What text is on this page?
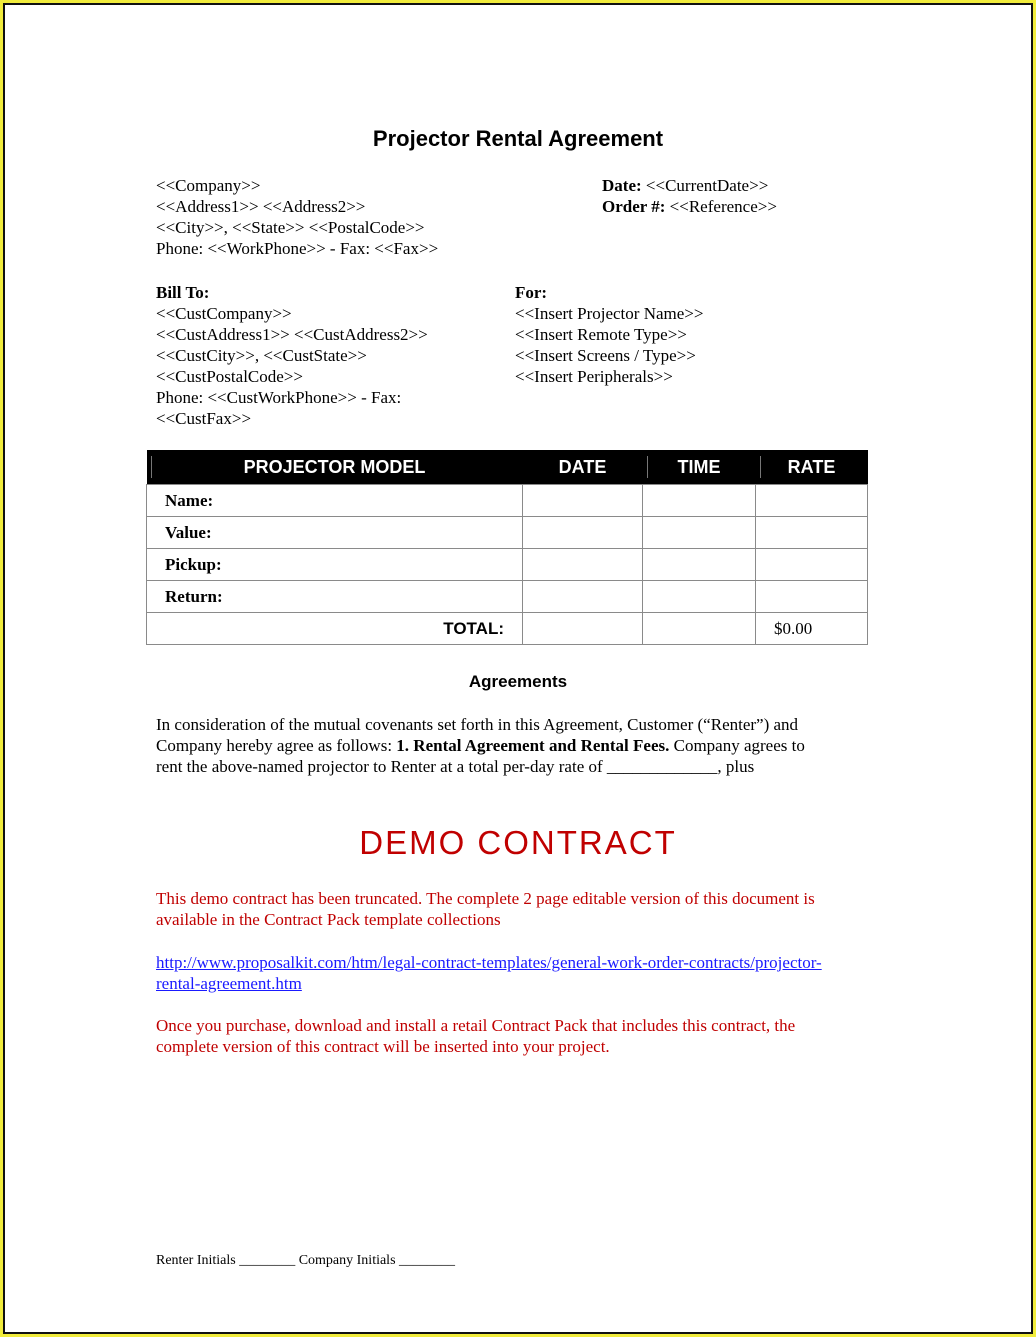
Projector Rental Agreement
<<Company>>
<<Address1>> <<Address2>>
<<City>>, <<State>> <<PostalCode>>
Phone: <<WorkPhone>> - Fax: <<Fax>>
Date: <<CurrentDate>>
Order #: <<Reference>>
Bill To:
<<CustCompany>>
<<CustAddress1>> <<CustAddress2>>
<<CustCity>>, <<CustState>>
<<CustPostalCode>>
Phone: <<CustWorkPhone>> - Fax:
<<CustFax>>
For:
<<Insert Projector Name>>
<<Insert Remote Type>>
<<Insert Screens / Type>>
<<Insert Peripherals>>
PROJECTOR MODEL	DATE	TIME	RATE
Name:			
Value:			
Pickup:			
Return:			
TOTAL:			$0.00
Agreements
In consideration of the mutual covenants set forth in this Agreement, Customer (“Renter”) and
Company hereby agree as follows: 1. Rental Agreement and Rental Fees. Company agrees to
rent the above-named projector to Renter at a total per-day rate of _____________, plus
DEMO CONTRACT
This demo contract has been truncated. The complete 2 page editable version of this document is
available in the Contract Pack template collections
http://www.proposalkit.com/htm/legal-contract-templates/general-work-order-contracts/projector-
rental-agreement.htm
Once you purchase, download and install a retail Contract Pack that includes this contract, the
complete version of this contract will be inserted into your project.
Renter Initials ________ Company Initials ________
